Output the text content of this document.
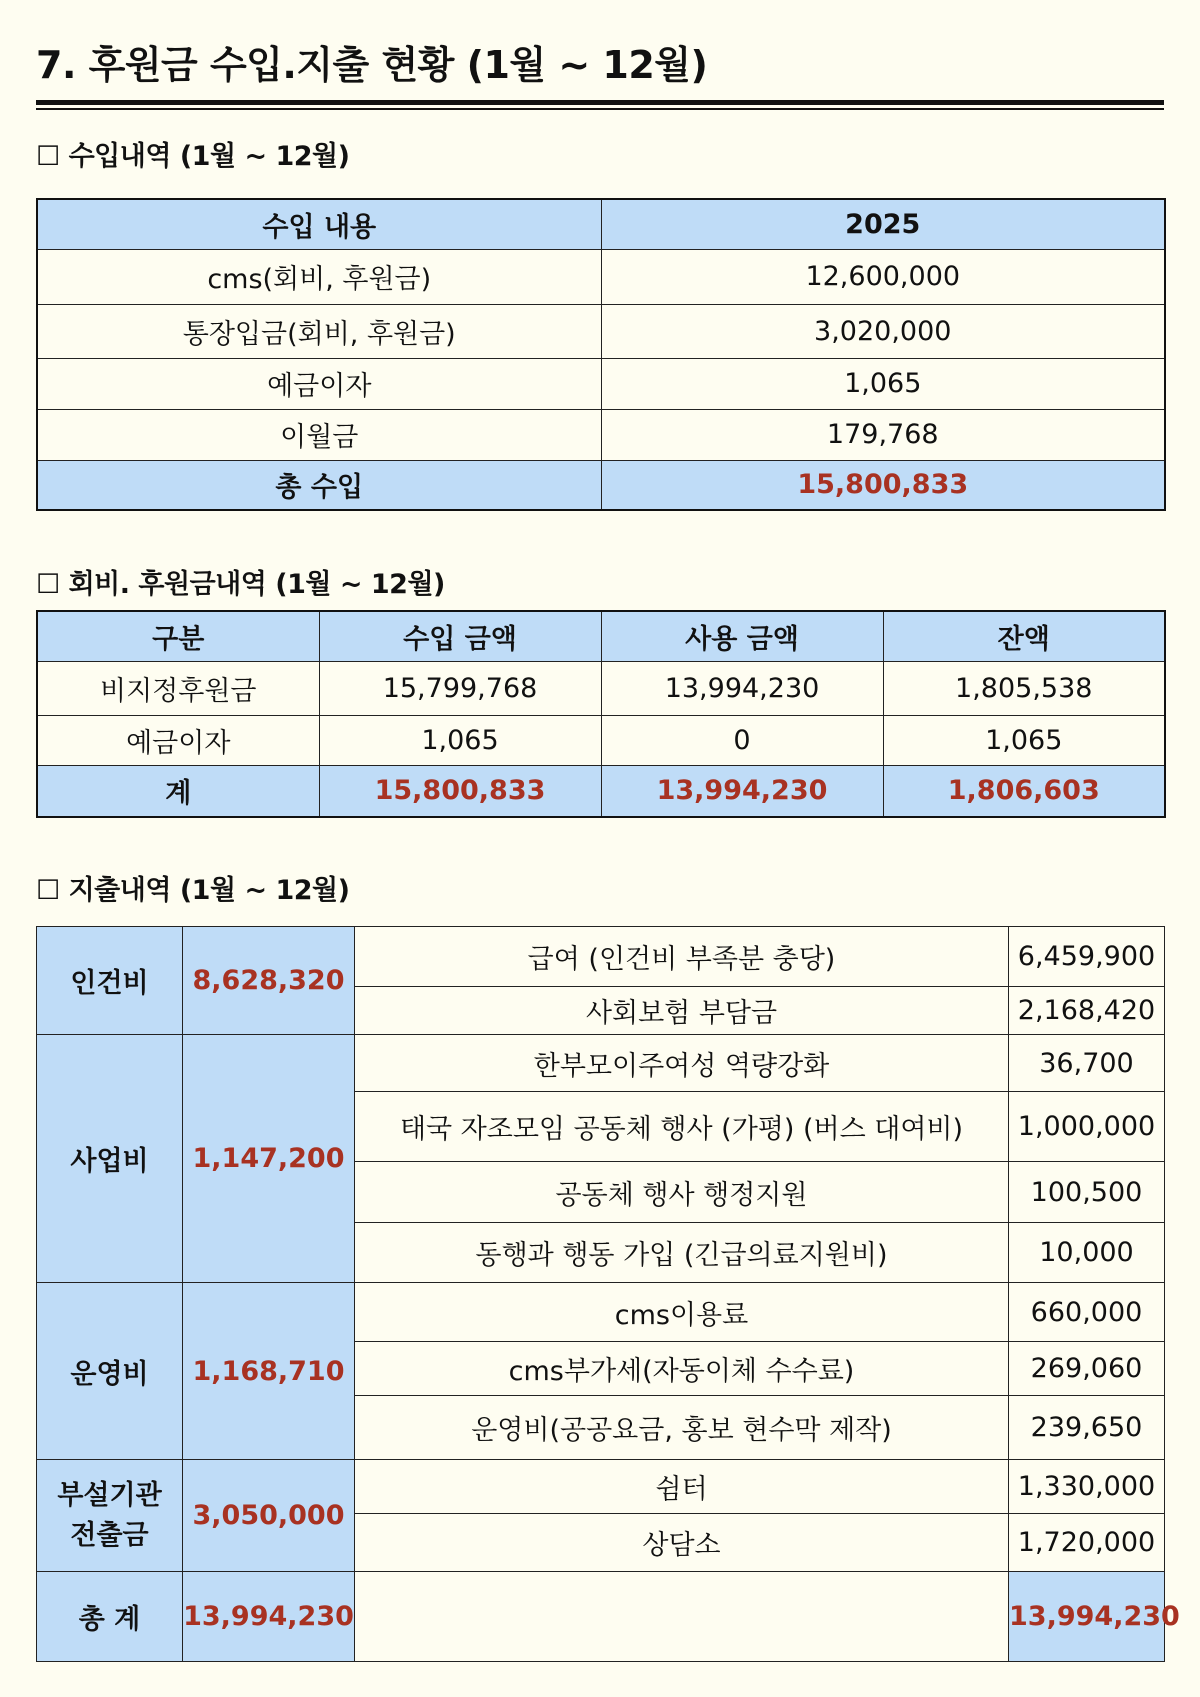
7. 후원금 수입.지출 현황 (1월 ~ 12월)
☐ 수입내역 (1월 ~ 12월)
수입 내용	2025
cms(회비, 후원금)	12,600,000
통장입금(회비, 후원금)	3,020,000
예금이자	1,065
이월금	179,768
총 수입	15,800,833
☐ 회비. 후원금내역 (1월 ~ 12월)
구분	수입 금액	사용 금액	잔액
비지정후원금	15,799,768	13,994,230	1,805,538
예금이자	1,065	0	1,065
계	15,800,833	13,994,230	1,806,603
☐ 지출내역 (1월 ~ 12월)
인건비	8,628,320	급여 (인건비 부족분 충당)	6,459,900
		사회보험 부담금	2,168,420
사업비	1,147,200	한부모이주여성 역량강화	36,700
		태국 자조모임 공동체 행사 (가평) (버스 대여비)	1,000,000
		공동체 행사 행정지원	100,500
		동행과 행동 가입 (긴급의료지원비)	10,000
운영비	1,168,710	cms이용료	660,000
		cms부가세(자동이체 수수료)	269,060
		운영비(공공요금, 홍보 현수막 제작)	239,650
부설기관
전출금	3,050,000	쉼터	1,330,000
		상담소	1,720,000
총 계	13,994,230		13,994,230
